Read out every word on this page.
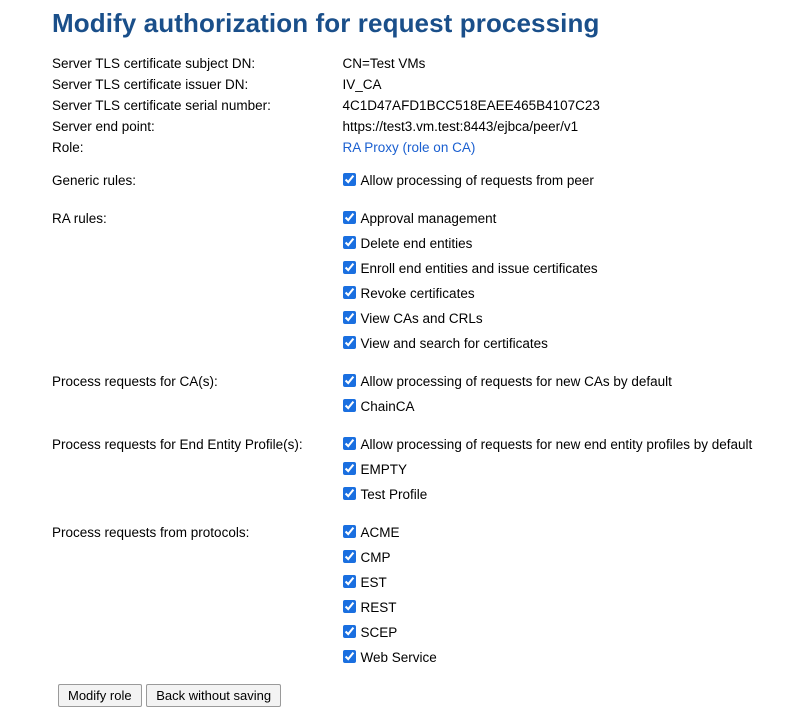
Modify authorization for request processing
Server TLS certificate subject DN:	CN=Test VMs
Server TLS certificate issuer DN:	IV_CA
Server TLS certificate serial number:	4C1D47AFD1BCC518EAEE465B4107C23
Server end point:	https://test3.vm.test:8443/ejbca/peer/v1
Role:	RA Proxy (role on CA)

Generic rules:	Allow processing of requests from peer

RA rules:	Approval management
Delete end entities
Enroll end entities and issue certificates
Revoke certificates
View CAs and CRLs
View and search for certificates

Process requests for CA(s):	Allow processing of requests for new CAs by default
ChainCA

Process requests for End Entity Profile(s):	Allow processing of requests for new end entity profiles by default
EMPTY
Test Profile

Process requests from protocols:	ACME
CMP
EST
REST
SCEP
Web Service
Modify role Back without saving
